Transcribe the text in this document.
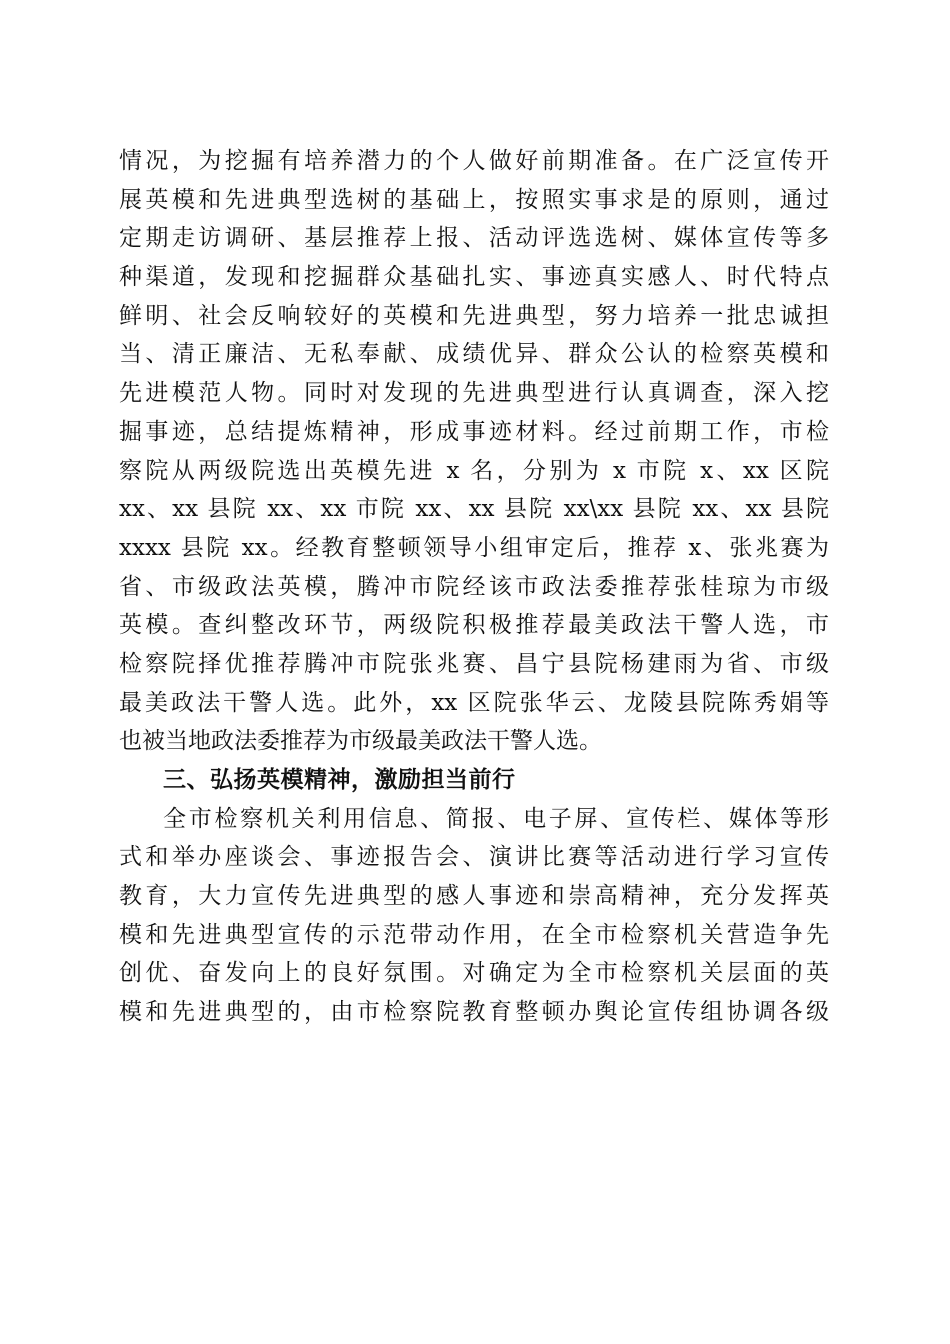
情况，为挖掘有培养潜力的个人做好前期准备。在广泛宣传开
展英模和先进典型选树的基础上，按照实事求是的原则，通过
定期走访调研、基层推荐上报、活动评选选树、媒体宣传等多
种渠道，发现和挖掘群众基础扎实、事迹真实感人、时代特点
鲜明、社会反响较好的英模和先进典型，努力培养一批忠诚担
当、清正廉洁、无私奉献、成绩优异、群众公认的检察英模和
先进模范人物。同时对发现的先进典型进行认真调查，深入挖
掘事迹，总结提炼精神，形成事迹材料。经过前期工作，市检
察院从两级院选出英模先进 x 名，分别为 x 市院 x、xx 区院
xx、xx 县院 xx、xx 市院 xx、xx 县院 xx\xx 县院 xx、xx 县院
xxxx 县院 xx。经教育整顿领导小组审定后，推荐 x、张兆赛为
省、市级政法英模，腾冲市院经该市政法委推荐张桂琼为市级
英模。查纠整改环节，两级院积极推荐最美政法干警人选，市
检察院择优推荐腾冲市院张兆赛、昌宁县院杨建雨为省、市级
最美政法干警人选。此外，xx 区院张华云、龙陵县院陈秀娟等
也被当地政法委推荐为市级最美政法干警人选。
三、弘扬英模精神，激励担当前行
全市检察机关利用信息、简报、电子屏、宣传栏、媒体等形
式和举办座谈会、事迹报告会、演讲比赛等活动进行学习宣传
教育，大力宣传先进典型的感人事迹和崇高精神，充分发挥英
模和先进典型宣传的示范带动作用，在全市检察机关营造争先
创优、奋发向上的良好氛围。对确定为全市检察机关层面的英
模和先进典型的，由市检察院教育整顿办舆论宣传组协调各级
